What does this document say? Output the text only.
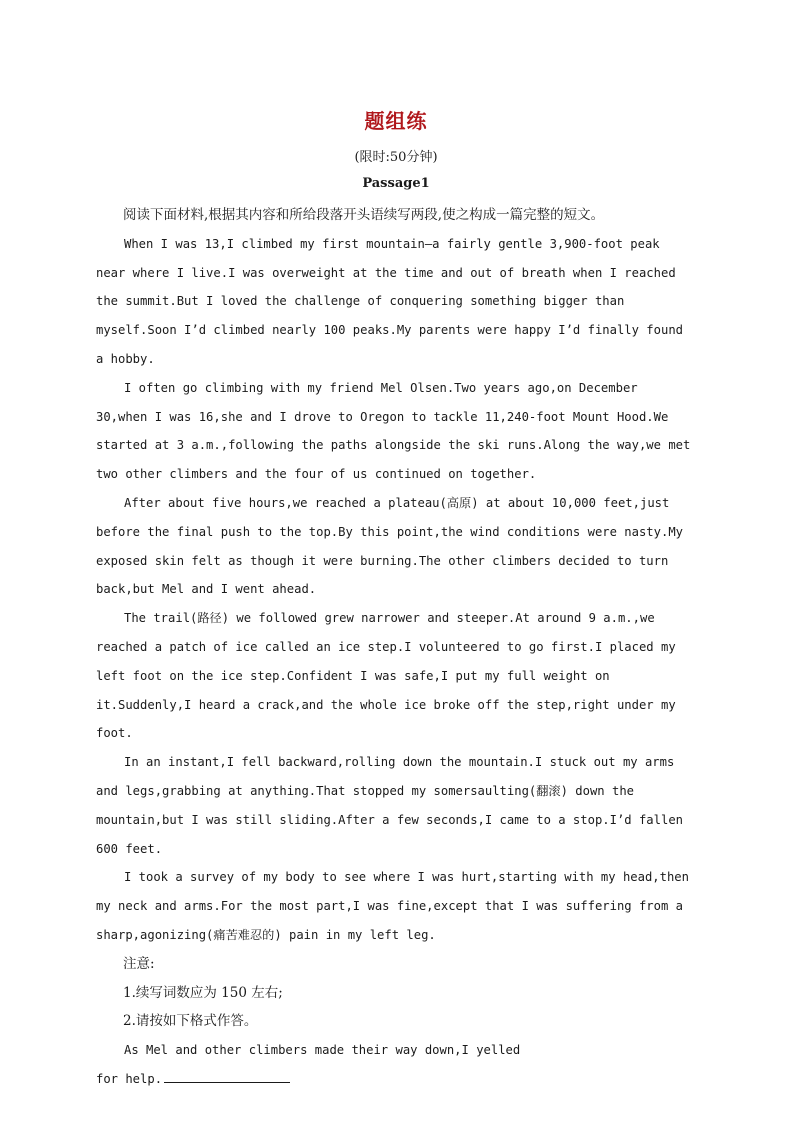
题组练
(限时:50分钟)
Passage1

阅读下面材料,根据其内容和所给段落开头语续写两段,使之构成一篇完整的短文。

When I was 13,I climbed my first mountain—a fairly gentle 3,900-foot peak near where I live.I was overweight at the time and out of breath when I reached the summit.But I loved the challenge of conquering something bigger than myself.Soon I’d climbed nearly 100 peaks.My parents were happy I’d finally found a hobby.

I often go climbing with my friend Mel Olsen.Two years ago,on December 30,when I was 16,she and I drove to Oregon to tackle 11,240-foot Mount Hood.We started at 3 a.m.,following the paths alongside the ski runs.Along the way,we met two other climbers and the four of us continued on together.

After about five hours,we reached a plateau(高原) at about 10,000 feet,just before the final push to the top.By this point,the wind conditions were nasty.My exposed skin felt as though it were burning.The other climbers decided to turn back,but Mel and I went ahead.

The trail(路径) we followed grew narrower and steeper.At around 9 a.m.,we reached a patch of ice called an ice step.I volunteered to go first.I placed my left foot on the ice step.Confident I was safe,I put my full weight on it.Suddenly,I heard a crack,and the whole ice broke off the step,right under my foot.

In an instant,I fell backward,rolling down the mountain.I stuck out my arms and legs,grabbing at anything.That stopped my somersaulting(翻滚) down the mountain,but I was still sliding.After a few seconds,I came to a stop.I’d fallen 600 feet.

I took a survey of my body to see where I was hurt,starting with my head,then my neck and arms.For the most part,I was fine,except that I was suffering from a sharp,agonizing(痛苦难忍的) pain in my left leg.

注意:

1.续写词数应为 150 左右;

2.请按如下格式作答。

As Mel and other climbers made their way down,I yelled for help.
